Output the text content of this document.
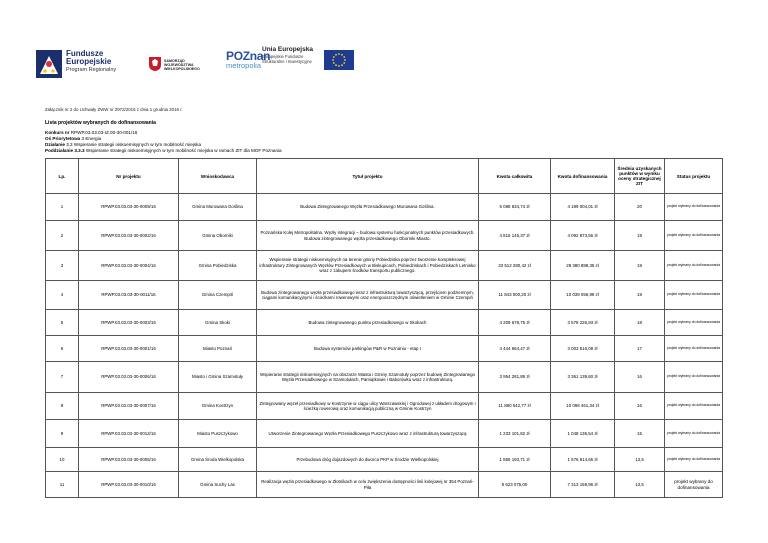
Fundusze
Europejskie
Program Regionalny
SAMORZĄD WOJEWÓDZTWA
WIELKOPOLSKIEGO
POZnan
metropolia
Unia Europejska
Europejskie Fundusze
Strukturalne i Inwestycyjne
Załącznik nr 2 do Uchwały ZWW nr 2972/2016 z dnia 1 grudnia 2016 r.
Lista projektów wybranych do dofinansowania
Konkurs nr RPWP.03.03.03-IZ.00-30-001/16
Oś Priorytetowa 3 Energia
Działanie 3.3 Wspieranie strategii niskoemisyjnych w tym mobilność miejska
Poddziałanie 3.3.3 Wspieranie strategii niskoemisyjnych w tym mobilność miejska w ramach ZIT dla MOF Poznania
Lp.	Nr projektu	Wnioskodawca	Tytuł projektu	Kwota całkowita	Kwota dofinansowania	Średnia uzyskanych punktów w wyniku oceny strategicznej ZIT	Status projektu
1	RPWP.03.03.03-30-0009/16	Gmina Murowana Goślina	Budowa Zintegrowanego Węzła Przesiadkowego Murowana Goślina.	5 088 834,74 zł	4 199 004,01 zł	20	projekt wybrany do dofinansowania
2	RPWP.03.03.03-30-0002/16	Gmina Oborniki	Poznańska Kolej Metropolitalna. Węzły integracji – budowa systemu funkcjonalnych punktów przesiadkowych. Budowa zintegrowanego węzła przesiadkowego Oborniki Miasto.	4 815 145,37 zł	4 092 873,56 zł	19	projekt wybrany do dofinansowania
3	RPWP.03.03.03-30-0004/16	Gmina Pobiedziska	Wspieranie strategii niskoemisyjnych na terenie gminy Pobiedziska poprzez tworzenie kompleksowej infrastruktury Zintegrowanych Węzłów Przesiadkowych w Biskupicach, Pobiedziskach i Pobiedziskach Letnisko wraz z zakupem środków transportu publicznego.	33 512 280,42 zł	28 380 888,35 zł	19	projekt wybrany do dofinansowania
4	RPWP.03.03.03-30-0011/16	Gmina Czempiń	Budowa zintegrowanego węzła przesiadkowego wraz z infrastrukturą towarzyszącą, przejściem podziemnym, ciągami komunikacyjnymi i ścieżkami rowerowymi oraz energooszczędnym oświetleniem w Gminie Czempiń	11 843 000,20 zł	10 039 056,99 zł	19	projekt wybrany do dofinansowania
5	RPWP.03.03.03-30-0003/16	Gmina Skoki	Budowa zintegrowanego punktu przesiadkowego w Skokach	4 209 678,75 zł	3 578 226,93 zł	18	projekt wybrany do dofinansowania
6	RPWP.03.03.03-30-0001/16	Miasto Poznań	Budowa systemów parkingów P&R w Poznaniu - etap I	4 444 664,47 zł	3 003 516,09 zł	17	projekt wybrany do dofinansowania
7	RPWP.03.03.03-30-0006/16	Miasto i Gmina Szamotuły	Wspieranie strategii niskoemisyjnych na obszarze Miasta i Gminy Szamotuły poprzez budowę Zintegrowanego Węzła Przesiadkowego w Szamotułach, Pamiątkowie i Baborówku wraz z infrastrukturą.	3 954 281,89 zł	3 361 139,60 zł	16	projekt wybrany do dofinansowania
8	RPWP.03.03.03-30-0007/16	Gmina Kostrzyn	Zintegrowany węzeł przesiadkowy w Kostrzynie w ciągu ulicy Warszawskiej i Ogrodowej z układem drogowym i ścieżką rowerową oraz komunikacją publiczną w Gminie Kostrzyn	11 880 542,77 zł	10 098 461,34 zł	16	projekt wybrany do dofinansowania
9	RPWP.03.03.03-30-0012/16	Miasto Puszczykowo	Utworzenie Zintegrowanego Węzła Przesiadkowego Puszczykowo wraz z infrastrukturą towarzyszącą	1 233 101,82 zł	1 048 136,54 zł	15	projekt wybrany do dofinansowania
10	RPWP.03.03.03-30-0005/16	Gmina Środa Wielkopolska	Przebudowa dróg dojazdowych do dworca PKP w Środzie Wielkopolskiej	1 855 193,71 zł	1 576 914,65 zł	13,5	projekt wybrany do dofinansowania
11	RPWP.03.03.03-30-0010/16	Gmina Suchy Las	Realizacja węzła przesiadkowego w Złotnikach w celu zwiększenia dostępności linii kolejowej nr 354 Poznań-Piła	9 623 075,00	7 313 159,96 zł	13,5	projekt wybrany do dofinansowania
